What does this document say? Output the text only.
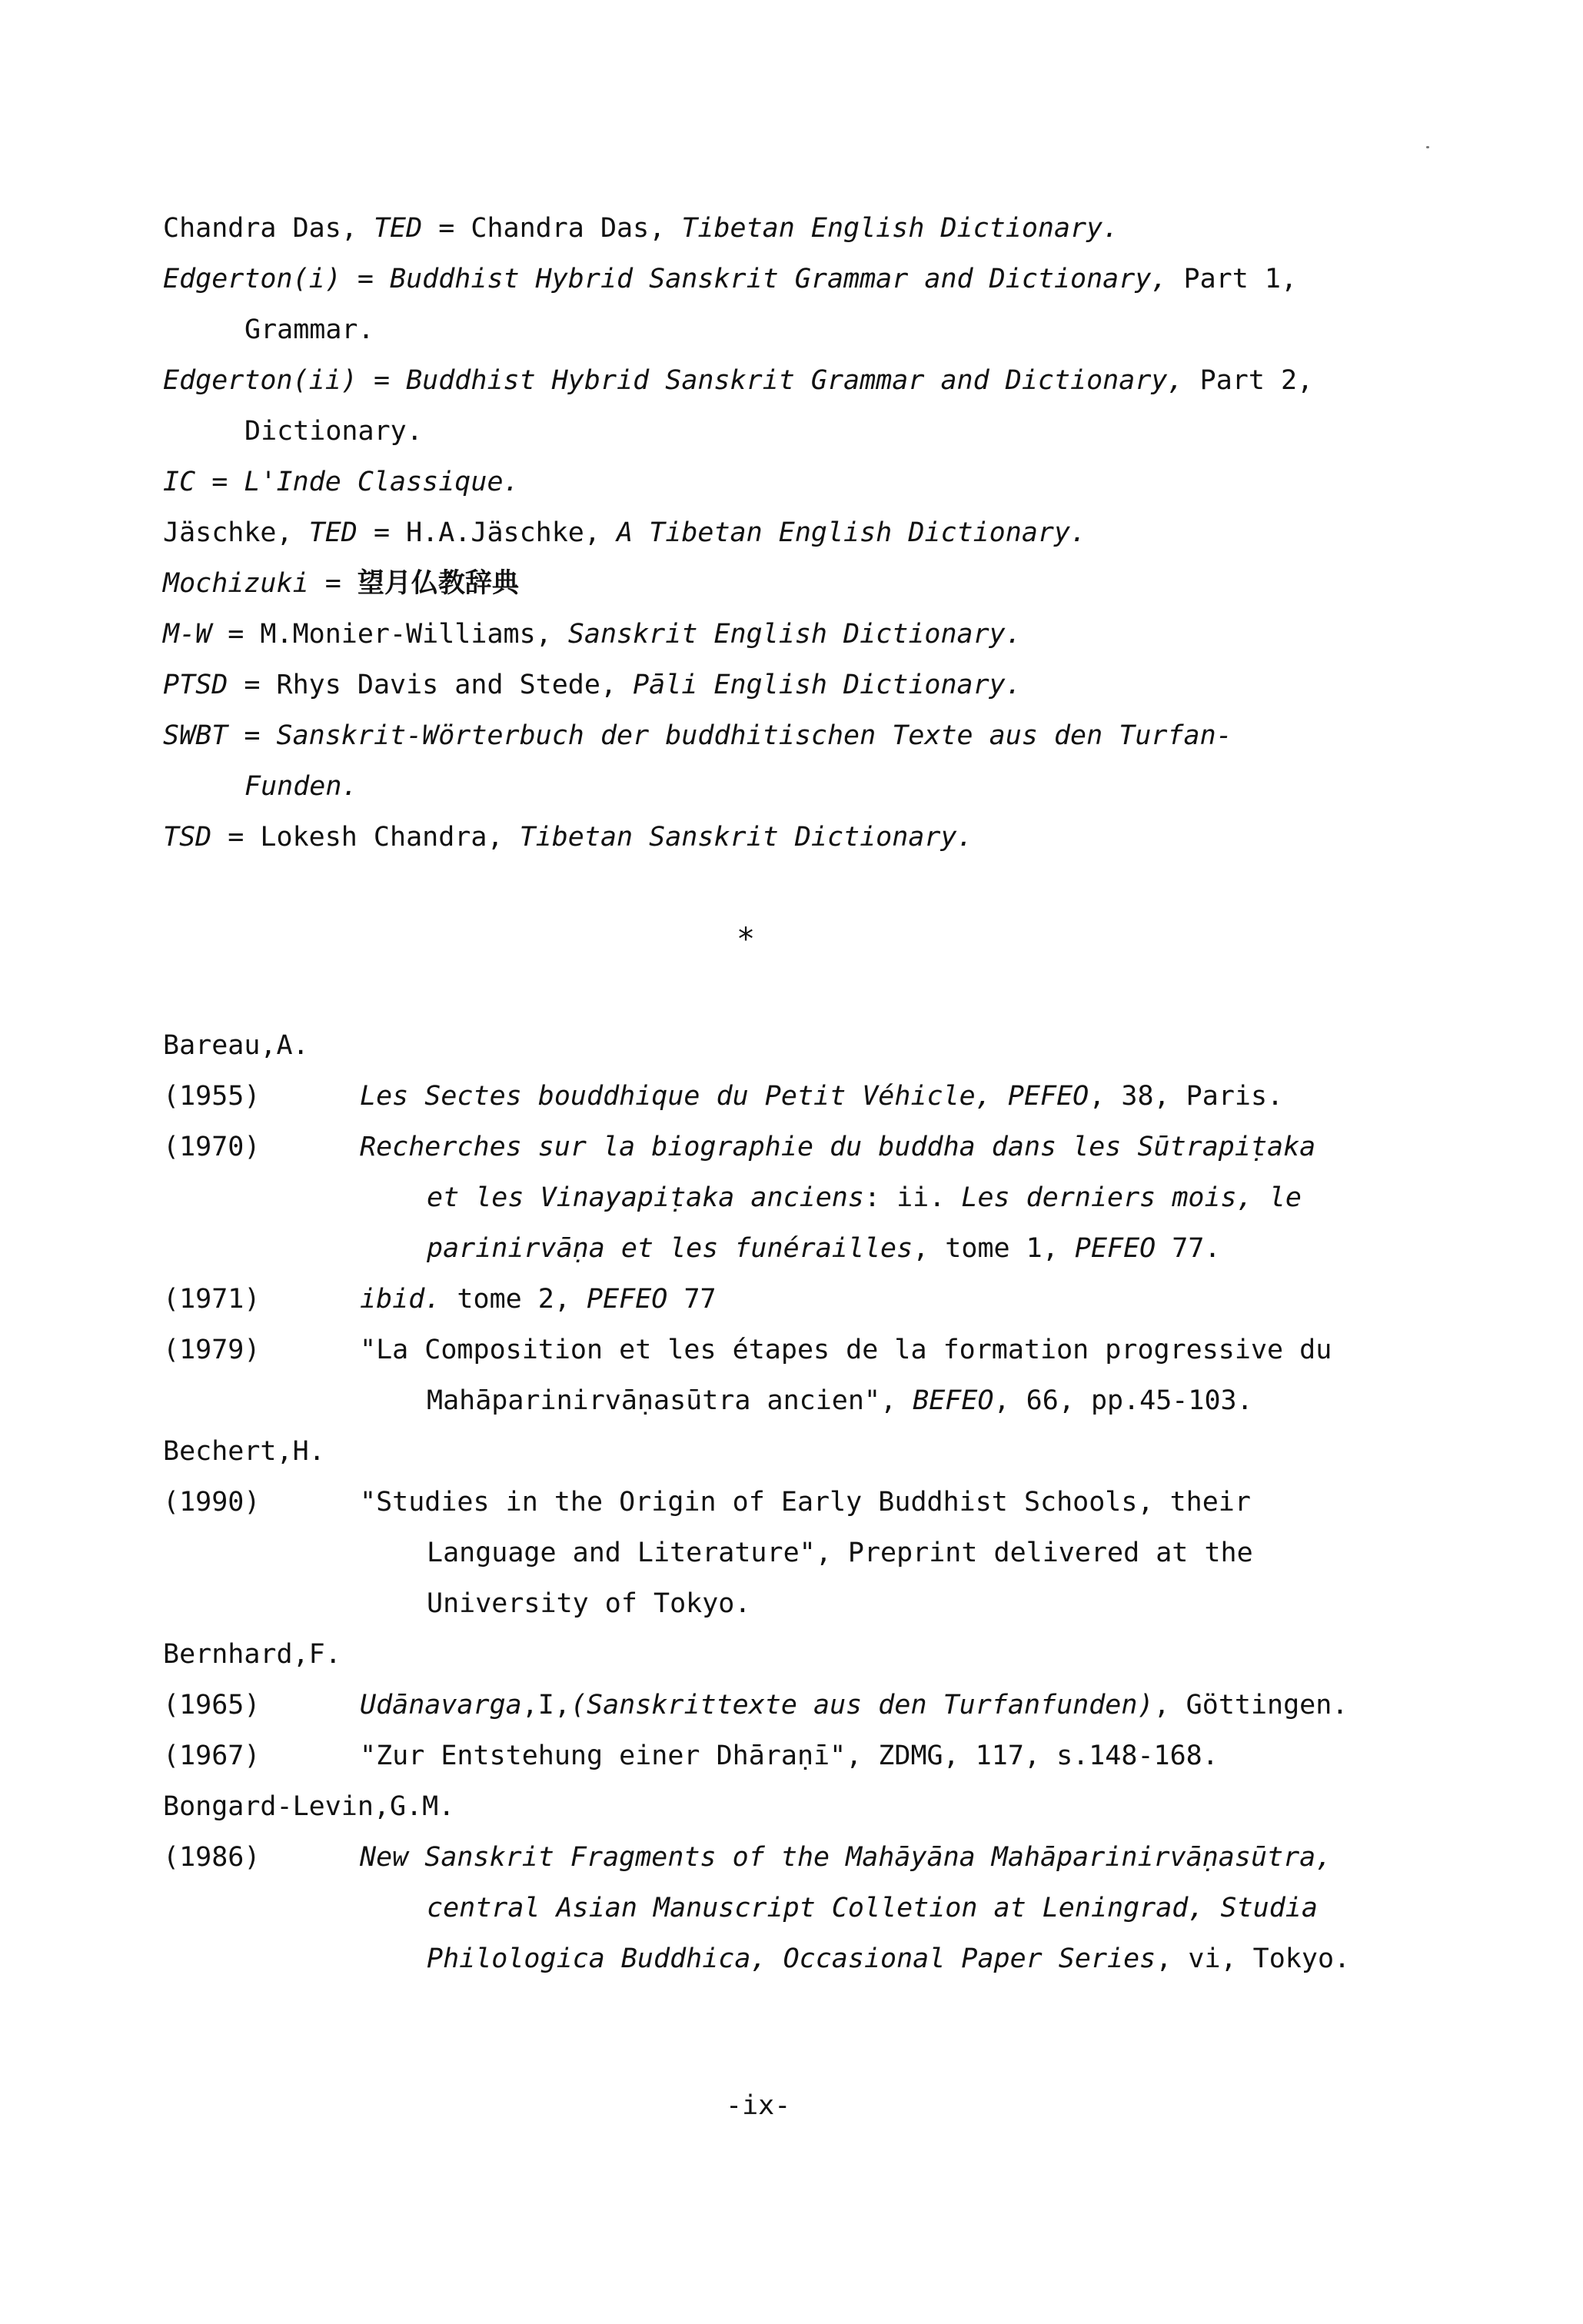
Chandra Das, TED = Chandra Das, Tibetan English Dictionary.
Edgerton(i) = Buddhist Hybrid Sanskrit Grammar and Dictionary, Part 1,
Grammar.
Edgerton(ii) = Buddhist Hybrid Sanskrit Grammar and Dictionary, Part 2,
Dictionary.
IC = L'Inde Classique.
Jäschke, TED = H.A.Jäschke, A Tibetan English Dictionary.
Mochizuki = 望月仏教辞典
M-W = M.Monier-Williams, Sanskrit English Dictionary.
PTSD = Rhys Davis and Stede, Pāli English Dictionary.
SWBT = Sanskrit-Wörterbuch der buddhitischen Texte aus den Turfan-
Funden.
TSD = Lokesh Chandra, Tibetan Sanskrit Dictionary.
*
Bareau,A.
(1955)	Les Sectes bouddhique du Petit Véhicle, PEFEO, 38, Paris.
(1970)	Recherches sur la biographie du buddha dans les Sūtrapiṭaka
et les Vinayapiṭaka anciens: ii. Les derniers mois, le
parinirvāṇa et les funérailles, tome 1, PEFEO 77.
(1971)	ibid. tome 2, PEFEO 77
(1979)	"La Composition et les étapes de la formation progressive du
Mahāparinirvāṇasūtra ancien", BEFEO, 66, pp.45-103.
Bechert,H.
(1990)	"Studies in the Origin of Early Buddhist Schools, their
Language and Literature", Preprint delivered at the
University of Tokyo.
Bernhard,F.
(1965)	Udānavarga,I,(Sanskrittexte aus den Turfanfunden), Göttingen.
(1967)	"Zur Entstehung einer Dhāraṇī", ZDMG, 117, s.148-168.
Bongard-Levin,G.M.
(1986)	New Sanskrit Fragments of the Mahāyāna Mahāparinirvāṇasūtra,
central Asian Manuscript Colletion at Leningrad, Studia
Philologica Buddhica, Occasional Paper Series, vi, Tokyo.
-ix-
